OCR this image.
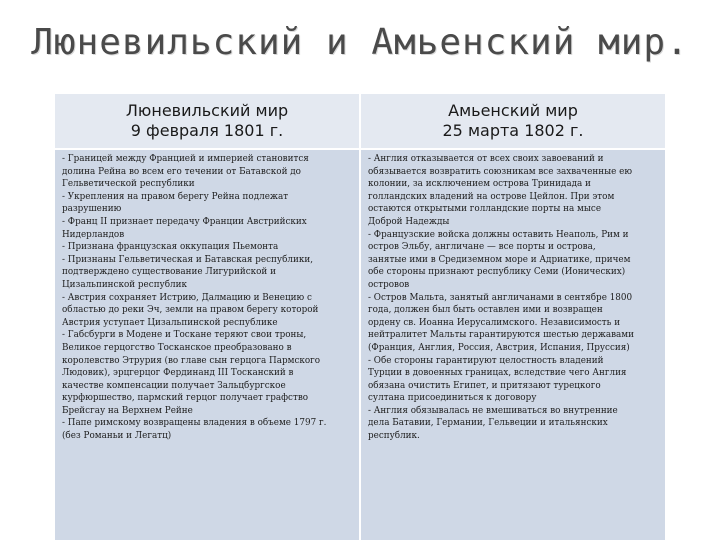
Люневильский и Амьенский мир.
Люневильский мир
9 февраля 1801 г.
Амьенский мир
25 марта 1802 г.
- Границей между Францией и империей становится
долина Рейна во всем его течении от Батавской до
Гельветической республики
- Укрепления на правом берегу Рейна подлежат
разрушению
- Франц II признает передачу Франции Австрийских
Нидерландов
- Признана французская оккупация Пьемонта
- Признаны Гельветическая и Батавская республики,
подтверждено существование Лигурийской и
Цизальпинской республик
- Австрия сохраняет Истрию, Далмацию и Венецию с
областью до реки Эч, земли на правом берегу которой
Австрия уступает Цизальпинской республике
- Габсбурги в Модене и Тоскане теряют свои троны,
Великое герцогство Тосканское преобразовано в
королевство Этрурия (во главе сын герцога Пармского
Людовик), эрцгерцог Фердинанд III Тосканский в
качестве компенсации получает Зальцбургское
курфюршество, пармский герцог получает графство
Брейсгау на Верхнем Рейне
- Папе римскому возвращены владения в объеме 1797 г.
(без Романьи и Легатц)
- Англия отказывается от всех своих завоеваний и
обязывается возвратить союзникам все захваченные ею
колонии, за исключением острова Тринидада и
голландских владений на острове Цейлон. При этом
остаются открытыми голландские порты на мысе
Доброй Надежды
- Французские войска должны оставить Неаполь, Рим и
остров Эльбу, англичане — все порты и острова,
занятые ими в Средиземном море и Адриатике, причем
обе стороны признают республику Семи (Ионических)
островов
- Остров Мальта, занятый англичанами в сентябре 1800
года, должен был быть оставлен ими и возвращен
ордену св. Иоанна Иерусалимского. Независимость и
нейтралитет Мальты гарантируются шестью державами
(Франция, Англия, Россия, Австрия, Испания, Пруссия)
- Обе стороны гарантируют целостность владений
Турции в довоенных границах, вследствие чего Англия
обязана очистить Египет, и притязают турецкого
султана присоединиться к договору
- Англия обязывалась не вмешиваться во внутренние
дела Батавии, Германии, Гельвеции и итальянских
республик.
